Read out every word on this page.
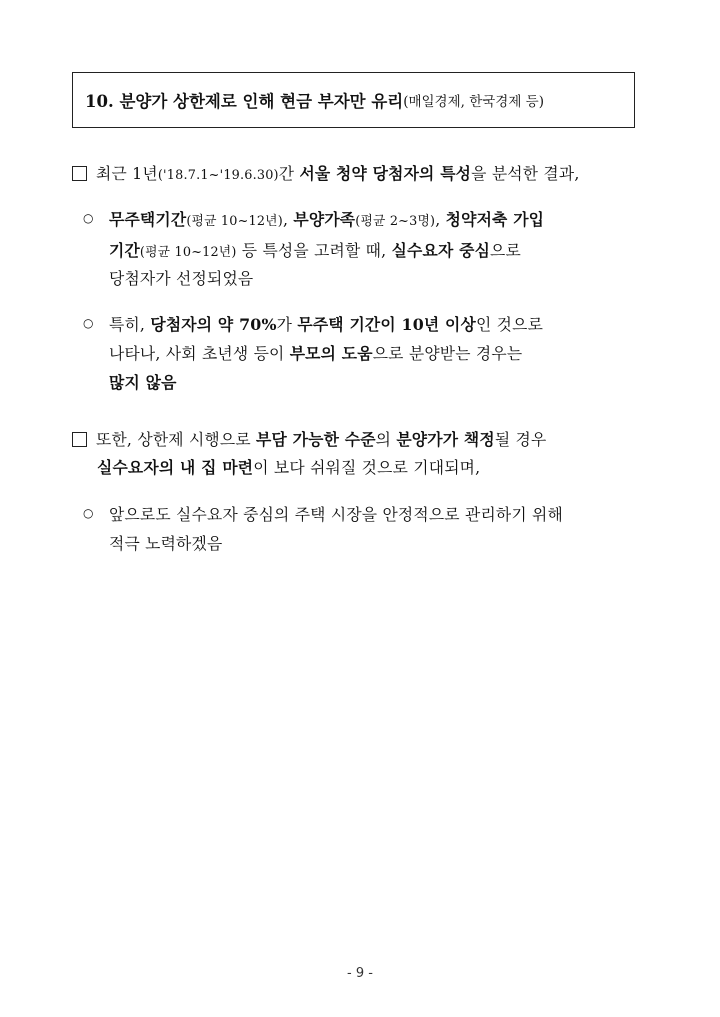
10. 분양가 상한제로 인해 현금 부자만 유리 (매일경제, 한국경제 등)
최근 1년('18.7.1~'19.6.30)간 서울 청약 당첨자의 특성을 분석한 결과,
○ 무주택기간(평균 10~12년), 부양가족(평균 2~3명), 청약저축 가입
기간(평균 10~12년) 등 특성을 고려할 때, 실수요자 중심으로
당첨자가 선정되었음
○ 특히, 당첨자의 약 70%가 무주택 기간이 10년 이상인 것으로
나타나, 사회 초년생 등이 부모의 도움으로 분양받는 경우는
많지 않음
또한, 상한제 시행으로 부담 가능한 수준의 분양가가 책정될 경우
실수요자의 내 집 마련이 보다 쉬워질 것으로 기대되며,
○ 앞으로도 실수요자 중심의 주택 시장을 안정적으로 관리하기 위해
적극 노력하겠음
- 9 -
